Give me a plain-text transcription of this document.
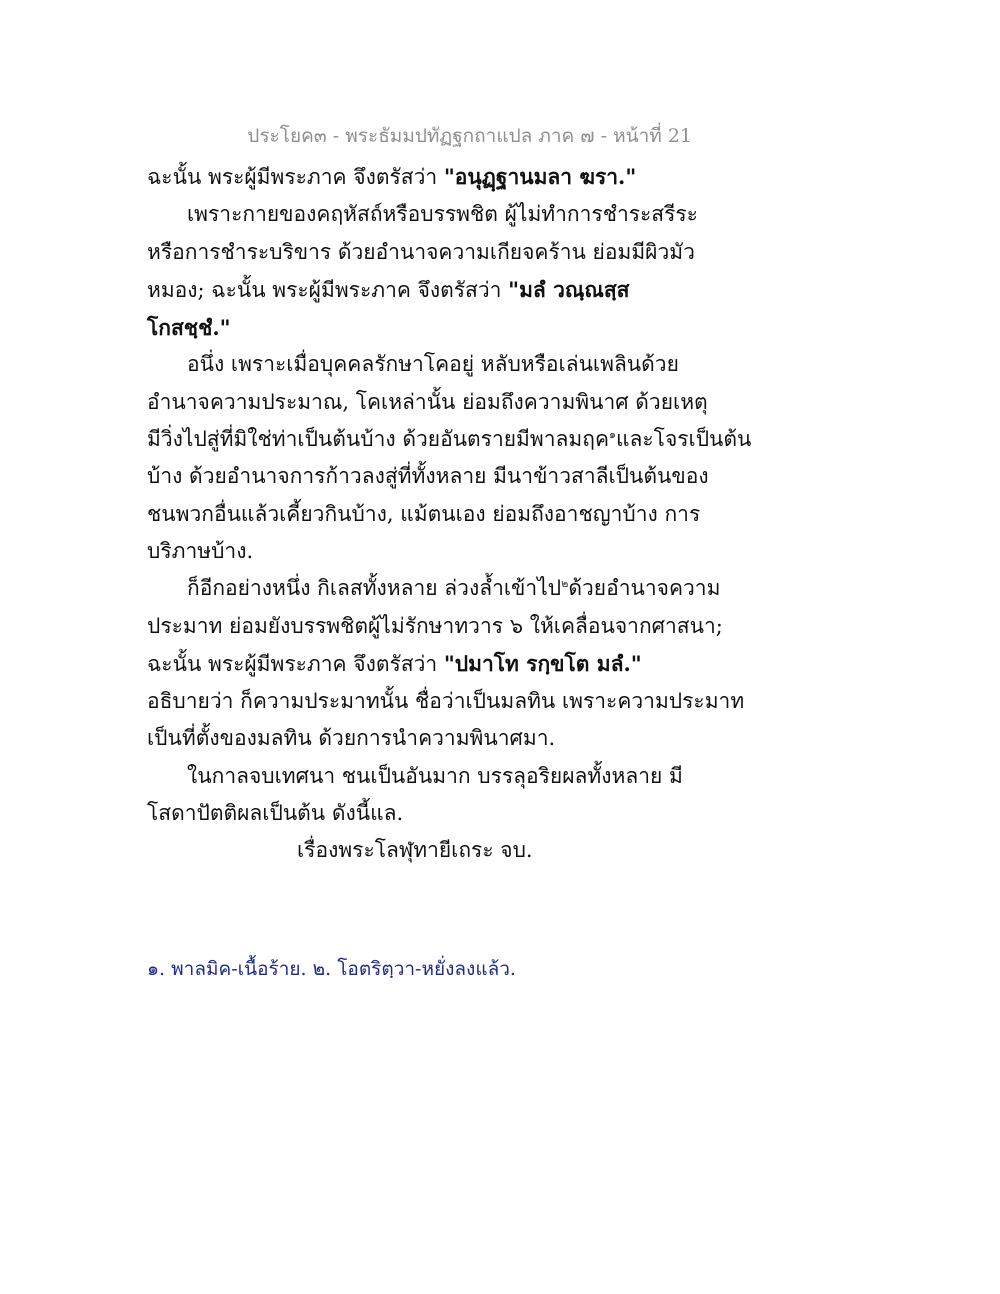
ประโยค๓ - พระธัมมปทัฏฐกถาแปล ภาค ๗ - หน้าที่ 21
ฉะนั้น พระผู้มีพระภาค จึงตรัสว่า "อนุฏฺฐานมลา ฆรา."
เพราะกายของคฤหัสถ์หรือบรรพชิต ผู้ไม่ทำการชำระสรีระ
หรือการชำระบริขาร ด้วยอำนาจความเกียจคร้าน ย่อมมีผิวมัว
หมอง; ฉะนั้น พระผู้มีพระภาค จึงตรัสว่า "มลํ วณฺณสฺส
โกสชฺชํ."
อนึ่ง เพราะเมื่อบุคคลรักษาโคอยู่ หลับหรือเล่นเพลินด้วย
อำนาจความประมาณ, โคเหล่านั้น ย่อมถึงความพินาศ ด้วยเหตุ
มีวิ่งไปสู่ที่มิใช่ท่าเป็นต้นบ้าง ด้วยอันตรายมีพาลมฤค$^๑$และโจรเป็นต้น
บ้าง ด้วยอำนาจการก้าวลงสู่ที่ทั้งหลาย มีนาข้าวสาลีเป็นต้นของ
ชนพวกอื่นแล้วเคี้ยวกินบ้าง, แม้ตนเอง ย่อมถึงอาชญาบ้าง การ
บริภาษบ้าง.
ก็อีกอย่างหนึ่ง กิเลสทั้งหลาย ล่วงล้ำเข้าไป$^๒$ด้วยอำนาจความ
ประมาท ย่อมยังบรรพชิตผู้ไม่รักษาทวาร ๖ ให้เคลื่อนจากศาสนา;
ฉะนั้น พระผู้มีพระภาค จึงตรัสว่า "ปมาโท รกฺขโต มลํ."
อธิบายว่า ก็ความประมาทนั้น ชื่อว่าเป็นมลทิน เพราะความประมาท
เป็นที่ตั้งของมลทิน ด้วยการนำความพินาศมา.
ในกาลจบเทศนา ชนเป็นอันมาก บรรลุอริยผลทั้งหลาย มี
โสดาปัตติผลเป็นต้น ดังนี้แล.
เรื่องพระโลฬุทายีเถระ จบ.
๑. พาลมิค-เนื้อร้าย. ๒. โอตริตฺวา-หยั่งลงแล้ว.
